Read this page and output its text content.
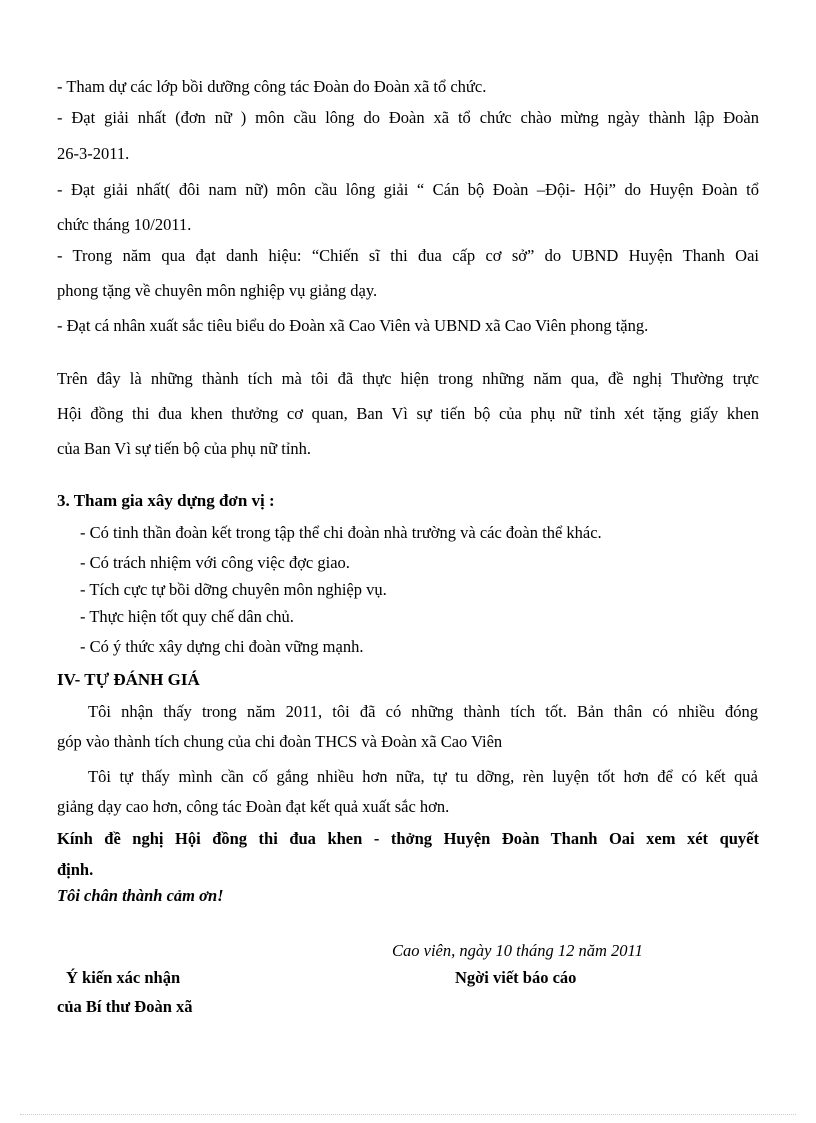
- Tham dự các lớp bồi dưỡng công tác Đoàn do Đoàn xã tổ chức.
- Đạt giải nhất (đơn nữ ) môn cầu lông do Đoàn xã tổ chức chào mừng ngày thành lập Đoàn
26-3-2011.
- Đạt giải nhất( đôi nam nữ) môn cầu lông giải “ Cán bộ Đoàn –Đội- Hội” do Huyện Đoàn tổ
chức tháng 10/2011.
- Trong năm qua đạt danh hiệu: “Chiến sĩ thi đua cấp cơ sở” do UBND Huyện Thanh Oai
phong tặng về chuyên môn nghiệp vụ giảng dạy.
- Đạt cá nhân xuất sắc tiêu biểu do Đoàn xã Cao Viên và UBND xã Cao Viên phong tặng.
Trên đây là những thành tích mà tôi đã thực hiện trong những năm qua, đề nghị Thường trực
Hội đồng thi đua khen thưởng cơ quan, Ban Vì sự tiến bộ của phụ nữ tỉnh xét tặng giấy khen
của Ban Vì sự tiến bộ của phụ nữ tỉnh.
3. Tham gia xây dựng đơn vị :
- Có tinh thần đoàn kết trong tập thể chi đoàn nhà trường và các đoàn thể khác.
- Có trách nhiệm với công việc đợc giao.
- Tích cực tự bồi dỡng chuyên môn nghiệp vụ.
- Thực hiện tốt quy chế dân chủ.
- Có ý thức xây dựng chi đoàn vững mạnh.
IV- TỰ ĐÁNH GIÁ
Tôi nhận thấy trong năm 2011, tôi đã có những thành tích tốt. Bản thân có nhiều đóng
góp vào thành tích chung của chi đoàn THCS và Đoàn xã Cao Viên
Tôi tự thấy mình cần cố gắng nhiều hơn nữa, tự tu dỡng, rèn luyện tốt hơn để có kết quả
giảng dạy cao hơn, công tác Đoàn đạt kết quả xuất sắc hơn.
Kính đề nghị Hội đồng thi đua khen - thởng Huyện Đoàn Thanh Oai xem xét quyết
định.
Tôi chân thành cảm ơn!
Cao viên, ngày 10 tháng 12 năm 2011
Ý kiến xác nhận	Ngời viết báo cáo
của Bí thư Đoàn xã
